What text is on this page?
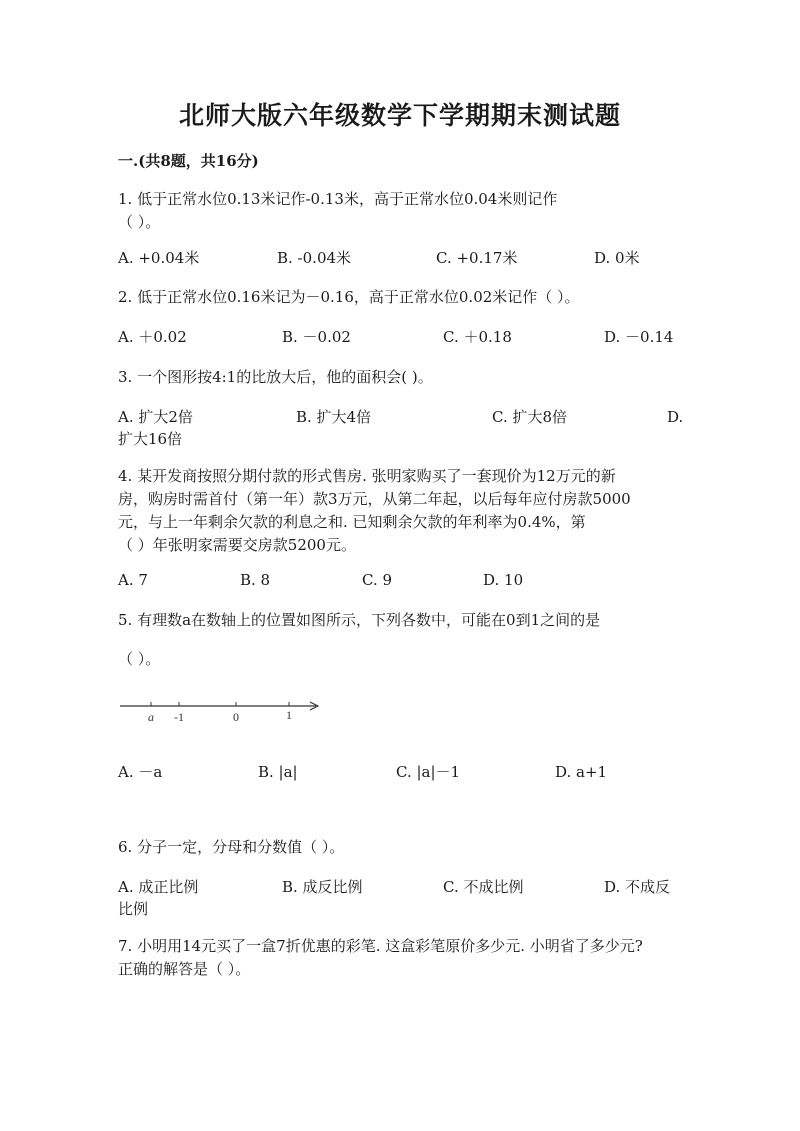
北师大版六年级数学下学期期末测试题
一.(共8题，共16分)
1. 低于正常水位0.13米记作-0.13米，高于正常水位0.04米则记作
（ ）。
A. +0.04米	B. -0.04米	C. +0.17米	D. 0米
2. 低于正常水位0.16米记为－0.16，高于正常水位0.02米记作（ ）。
A. ＋0.02	B. －0.02	C. ＋0.18	D. －0.14
3. 一个图形按4:1的比放大后，他的面积会( )。
A. 扩大2倍	B. 扩大4倍	C. 扩大8倍	D.
扩大16倍
4. 某开发商按照分期付款的形式售房. 张明家购买了一套现价为12万元的新
房，购房时需首付（第一年）款3万元，从第二年起，以后每年应付房款5000
元，与上一年剩余欠款的利息之和. 已知剩余欠款的年利率为0.4%，第
（ ）年张明家需要交房款5200元。
A. 7	B. 8	C. 9	D. 10
5. 有理数a在数轴上的位置如图所示，下列各数中，可能在0到1之间的是
（ ）。
a -1	0	1
A. －a	B. |a|	C. |a|－1	D. a+1
6. 分子一定，分母和分数值（ ）。
A. 成正比例	B. 成反比例	C. 不成比例	D. 不成反
比例
7. 小明用14元买了一盒7折优惠的彩笔. 这盒彩笔原价多少元. 小明省了多少元?
正确的解答是（ ）。
